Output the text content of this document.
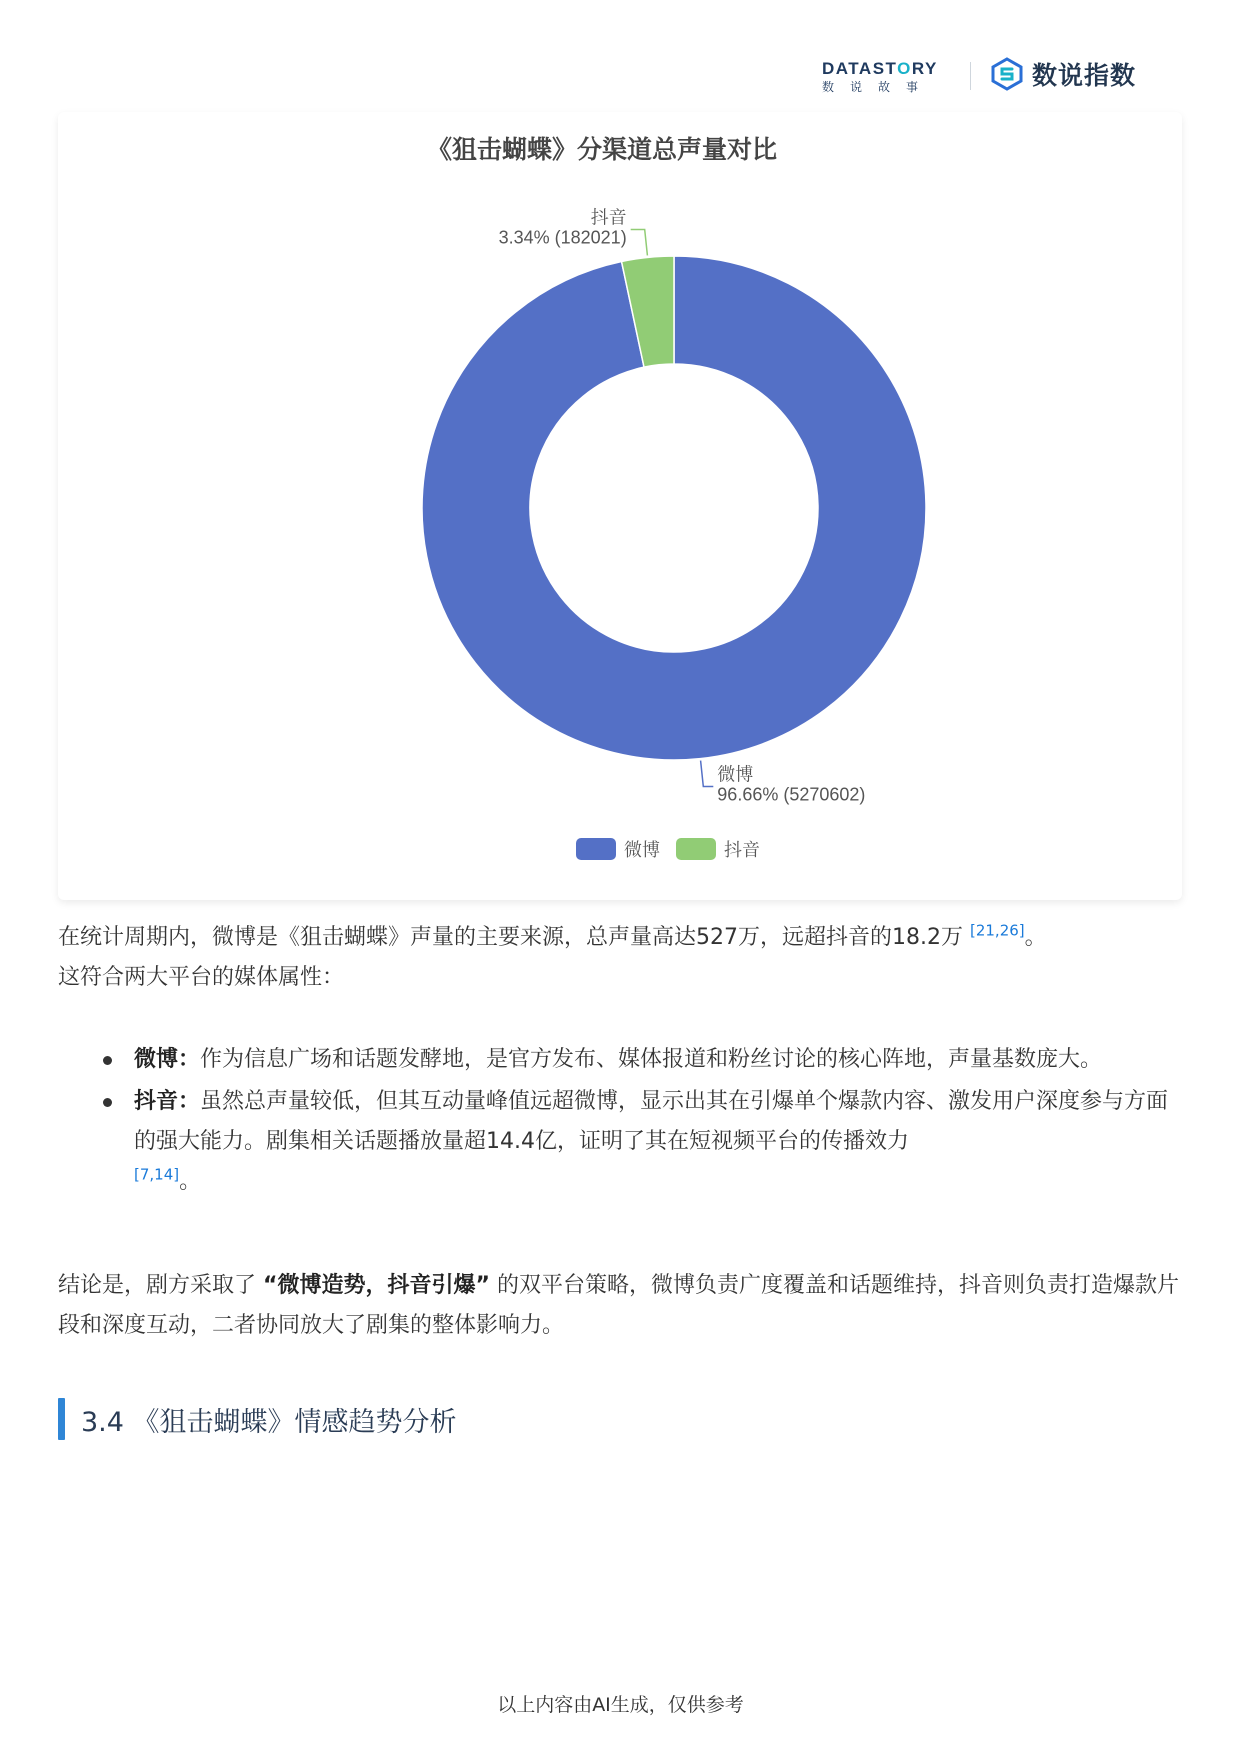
DATASTORY
数说故事	数说指数
《狙击蝴蝶》分渠道总声量对比
微博
96.66% (5270602)
抖音
3.34% (182021)
微博	抖音
在统计周期内，微博是《狙击蝴蝶》声量的主要来源，总声量高达527万，远超抖音的18.2万 [21,26]。
这符合两大平台的媒体属性：
微博：作为信息广场和话题发酵地，是官方发布、媒体报道和粉丝讨论的核心阵地，声量基数庞大。
抖音：虽然总声量较低，但其互动量峰值远超微博，显示出其在引爆单个爆款内容、激发用户深度参与方面的强大能力。剧集相关话题播放量超14.4亿，证明了其在短视频平台的传播效力
[7,14]。
结论是，剧方采取了 “微博造势，抖音引爆” 的双平台策略，微博负责广度覆盖和话题维持，抖音则负责打造爆款片段和深度互动，二者协同放大了剧集的整体影响力。
3.4 《狙击蝴蝶》情感趋势分析
以上内容由AI生成，仅供参考
